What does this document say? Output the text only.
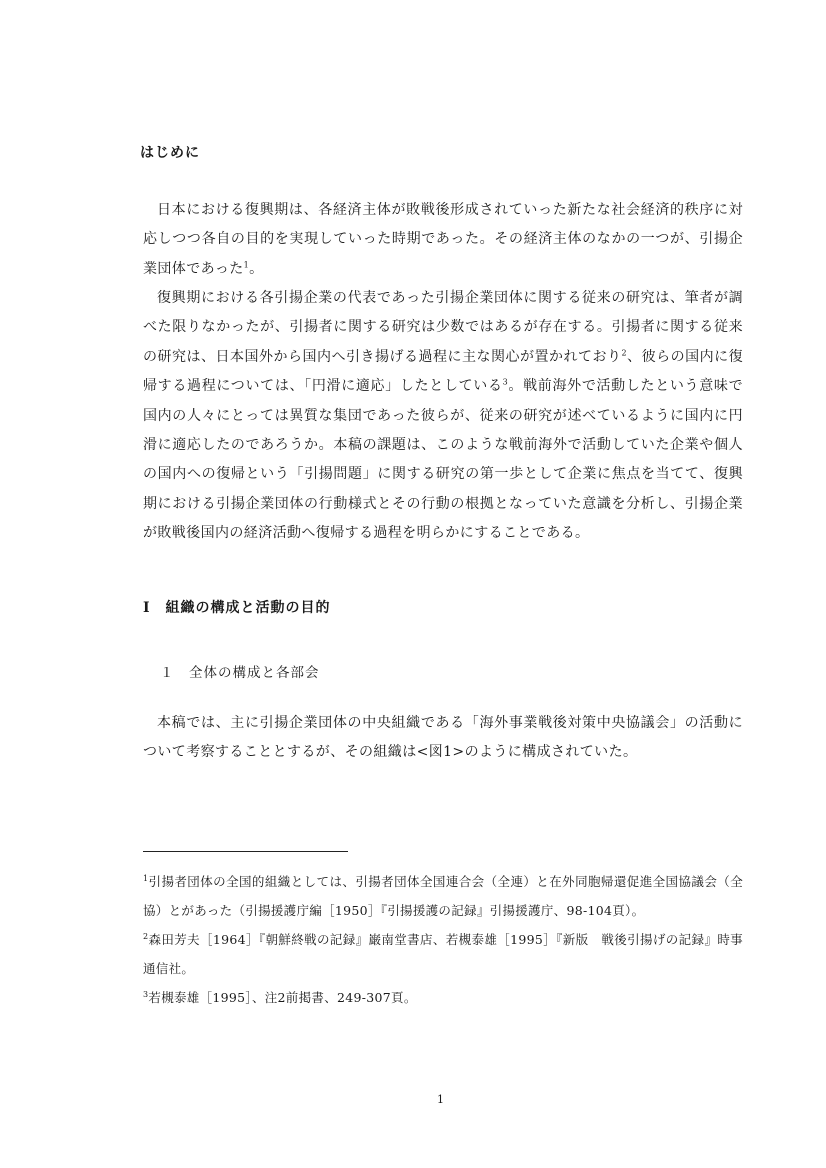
はじめに

日本における復興期は、各経済主体が敗戦後形成されていった新たな社会経済的秩序に対応しつつ各自の目的を実現していった時期であった。その経済主体のなかの一つが、引揚企業団体であった$^1$。

復興期における各引揚企業の代表であった引揚企業団体に関する従来の研究は、筆者が調べた限りなかったが、引揚者に関する研究は少数ではあるが存在する。引揚者に関する従来の研究は、日本国外から国内へ引き揚げる過程に主な関心が置かれており$^2$、彼らの国内に復帰する過程については、「円滑に適応」したとしている$^3$。戦前海外で活動したという意味で国内の人々にとっては異質な集団であった彼らが、従来の研究が述べているように国内に円滑に適応したのであろうか。本稿の課題は、このような戦前海外で活動していた企業や個人の国内への復帰という「引揚問題」に関する研究の第一歩として企業に焦点を当てて、復興期における引揚企業団体の行動様式とその行動の根拠となっていた意識を分析し、引揚企業が敗戦後国内の経済活動へ復帰する過程を明らかにすることである。

Ⅰ　組織の構成と活動の目的
１　全体の構成と各部会

本稿では、主に引揚企業団体の中央組織である「海外事業戦後対策中央協議会」の活動について考察することとするが、その組織は<図1>のように構成されていた。

$^1$引揚者団体の全国的組織としては、引揚者団体全国連合会（全連）と在外同胞帰還促進全国協議会（全協）とがあった（引揚援護庁編［1950］『引揚援護の記録』引揚援護庁、98-104頁）。
$^2$森田芳夫［1964］『朝鮮終戦の記録』巌南堂書店、若槻泰雄［1995］『新版　戦後引揚げの記録』時事通信社。
$^3$若槻泰雄［1995］、注2前掲書、249-307頁。
1
